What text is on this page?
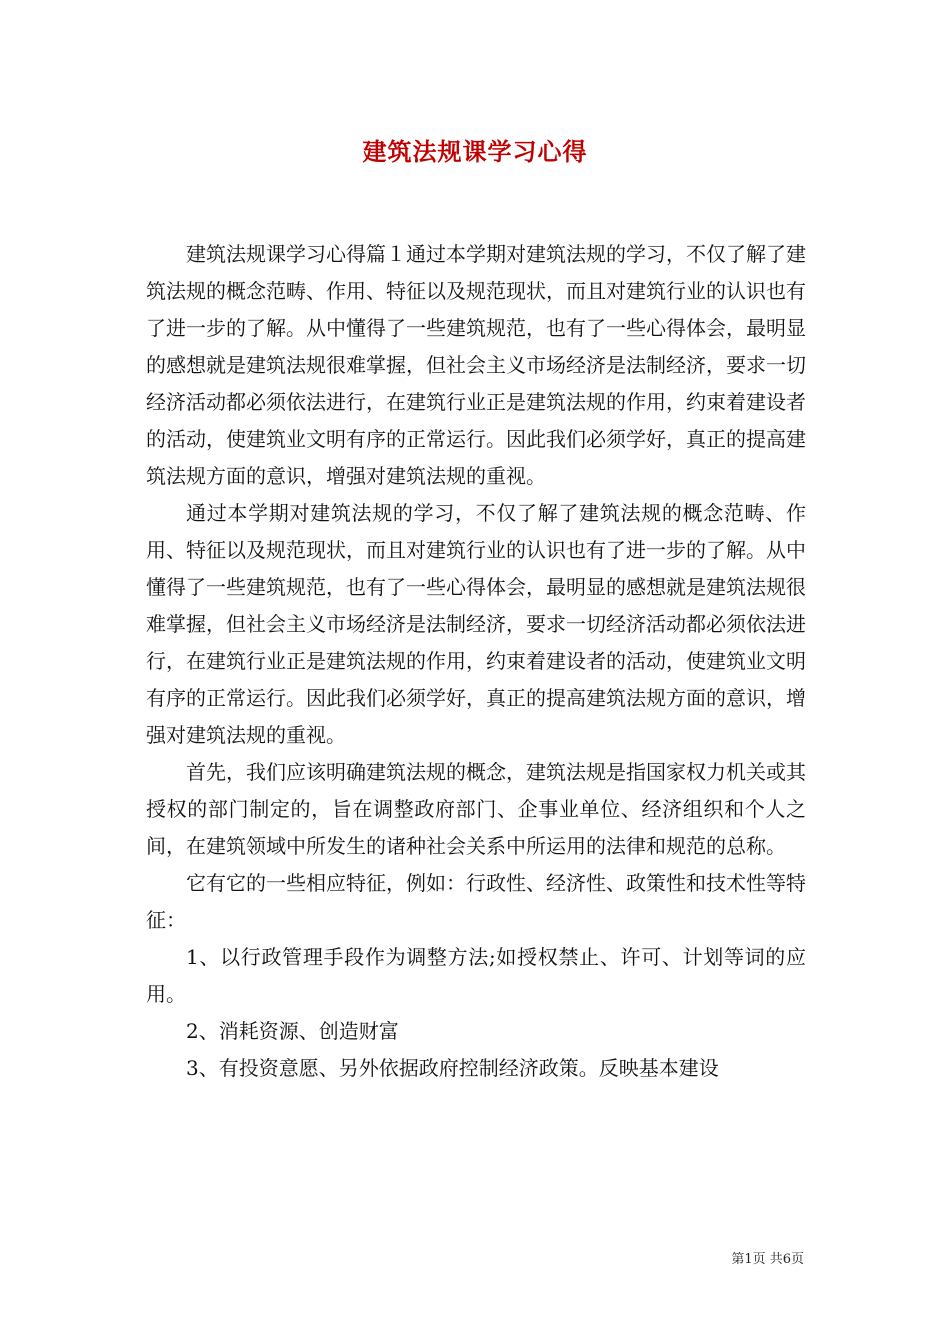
建筑法规课学习心得

建筑法规课学习心得篇１通过本学期对建筑法规的学习，不仅了解了建筑法规的概念范畴、作用、特征以及规范现状，而且对建筑行业的认识也有了进一步的了解。从中懂得了一些建筑规范，也有了一些心得体会，最明显的感想就是建筑法规很难掌握，但社会主义市场经济是法制经济，要求一切经济活动都必须依法进行，在建筑行业正是建筑法规的作用，约束着建设者的活动，使建筑业文明有序的正常运行。因此我们必须学好，真正的提高建筑法规方面的意识，增强对建筑法规的重视。

通过本学期对建筑法规的学习，不仅了解了建筑法规的概念范畴、作用、特征以及规范现状，而且对建筑行业的认识也有了进一步的了解。从中懂得了一些建筑规范，也有了一些心得体会，最明显的感想就是建筑法规很难掌握，但社会主义市场经济是法制经济，要求一切经济活动都必须依法进行，在建筑行业正是建筑法规的作用，约束着建设者的活动，使建筑业文明有序的正常运行。因此我们必须学好，真正的提高建筑法规方面的意识，增强对建筑法规的重视。

首先，我们应该明确建筑法规的概念，建筑法规是指国家权力机关或其授权的部门制定的，旨在调整政府部门、企事业单位、经济组织和个人之间，在建筑领域中所发生的诸种社会关系中所运用的法律和规范的总称。

它有它的一些相应特征，例如：行政性、经济性、政策性和技术性等特征：

1、以行政管理手段作为调整方法;如授权禁止、许可、计划等词的应用。

2、消耗资源、创造财富

3、有投资意愿、另外依据政府控制经济政策。反映基本建设

第1页 共6页
